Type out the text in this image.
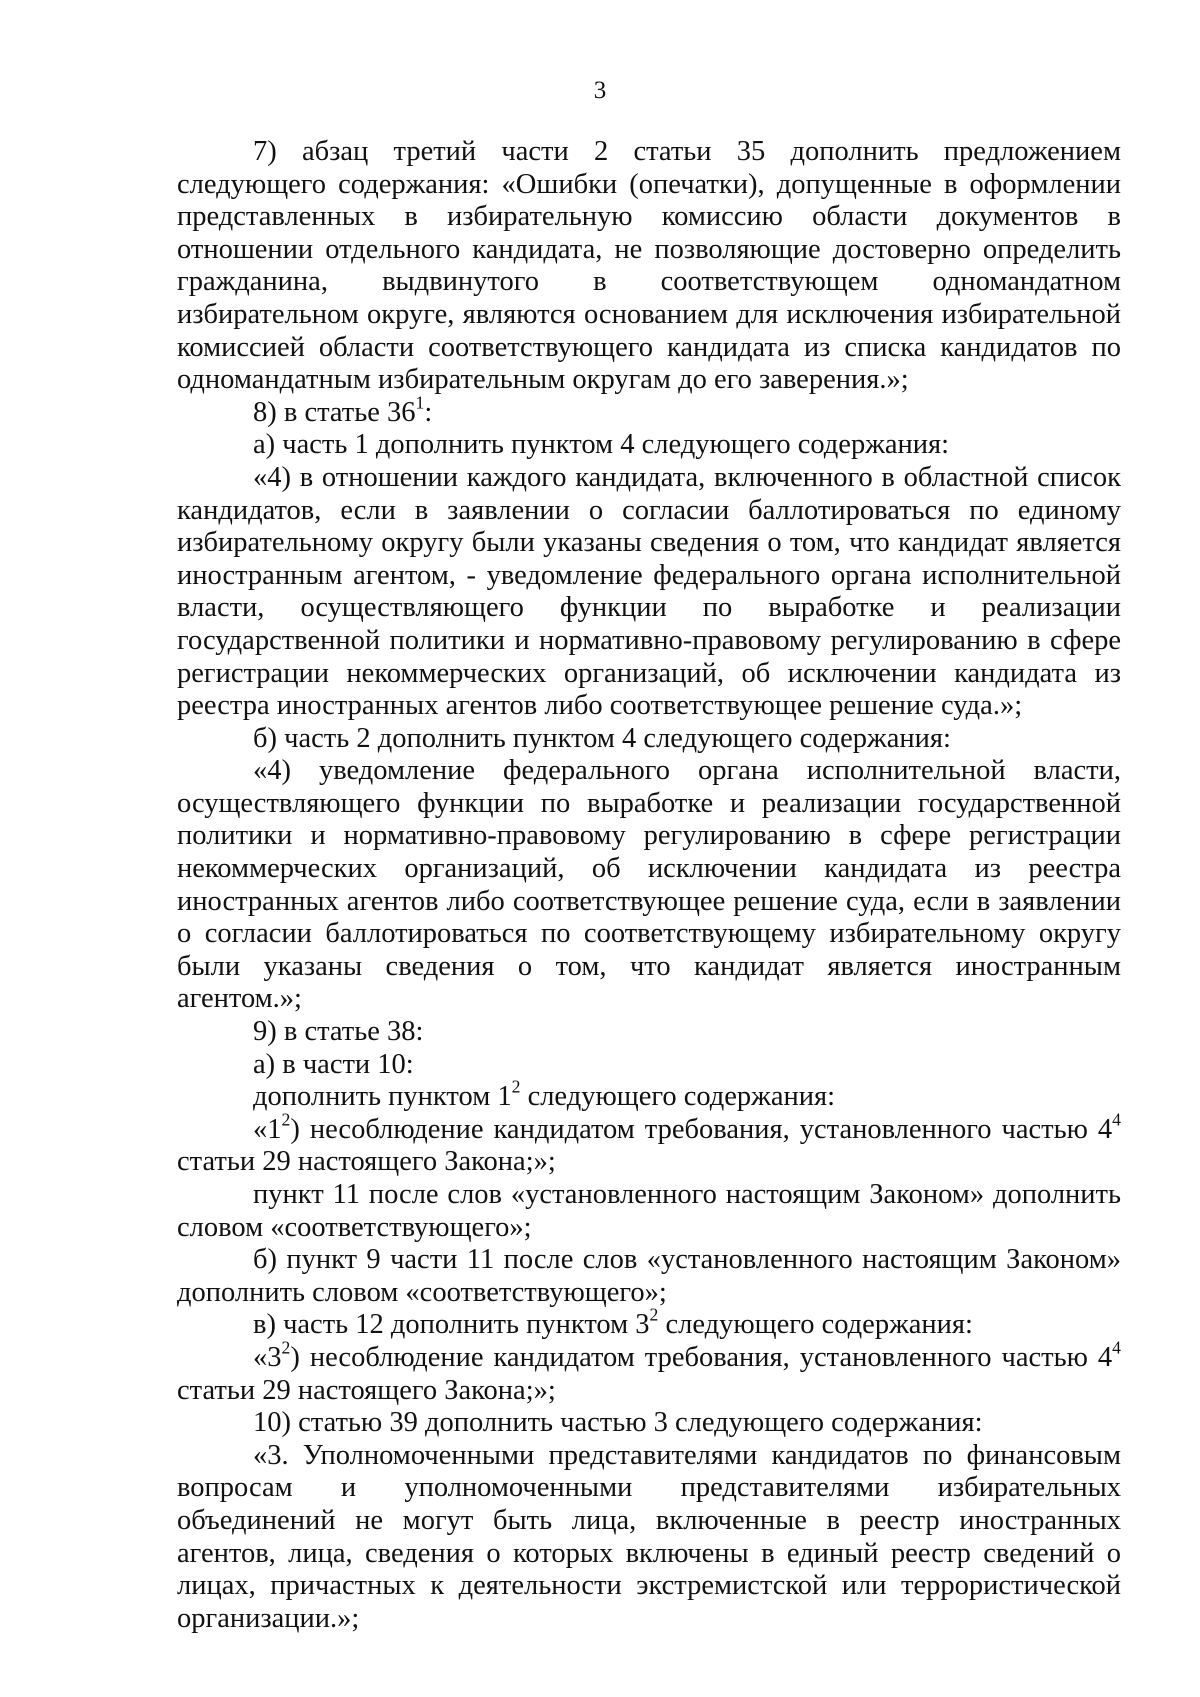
3

7) абзац третий части 2 статьи 35 дополнить предложением следующего содержания: «Ошибки (опечатки), допущенные в оформлении представленных в избирательную комиссию области документов в отношении отдельного кандидата, не позволяющие достоверно определить гражданина, выдвинутого в соответствующем одномандатном избирательном округе, являются основанием для исключения избирательной комиссией области соответствующего кандидата из списка кандидатов по одномандатным избирательным округам до его заверения.»;

8) в статье $36^1$:

а) часть 1 дополнить пунктом 4 следующего содержания:

«4) в отношении каждого кандидата, включенного в областной список кандидатов, если в заявлении о согласии баллотироваться по единому избирательному округу были указаны сведения о том, что кандидат является иностранным агентом, - уведомление федерального органа исполнительной власти, осуществляющего функции по выработке и реализации государственной политики и нормативно-правовому регулированию в сфере регистрации некоммерческих организаций, об исключении кандидата из реестра иностранных агентов либо соответствующее решение суда.»;

б) часть 2 дополнить пунктом 4 следующего содержания:

«4) уведомление федерального органа исполнительной власти, осуществляющего функции по выработке и реализации государственной политики и нормативно-правовому регулированию в сфере регистрации некоммерческих организаций, об исключении кандидата из реестра иностранных агентов либо соответствующее решение суда, если в заявлении о согласии баллотироваться по соответствующему избирательному округу были указаны сведения о том, что кандидат является иностранным агентом.»;

9) в статье 38:

а) в части 10:

дополнить пунктом $1^2$ следующего содержания:

«$1^2$) несоблюдение кандидатом требования, установленного частью $4^4$ статьи 29 настоящего Закона;»;

пункт 11 после слов «установленного настоящим Законом» дополнить словом «соответствующего»;

б) пункт 9 части 11 после слов «установленного настоящим Законом» дополнить словом «соответствующего»;

в) часть 12 дополнить пунктом $3^2$ следующего содержания:

«$3^2$) несоблюдение кандидатом требования, установленного частью $4^4$ статьи 29 настоящего Закона;»;

10) статью 39 дополнить частью 3 следующего содержания:

«3. Уполномоченными представителями кандидатов по финансовым вопросам и уполномоченными представителями избирательных объединений не могут быть лица, включенные в реестр иностранных агентов, лица, сведения о которых включены в единый реестр сведений о лицах, причастных к деятельности экстремистской или террористической организации.»;
